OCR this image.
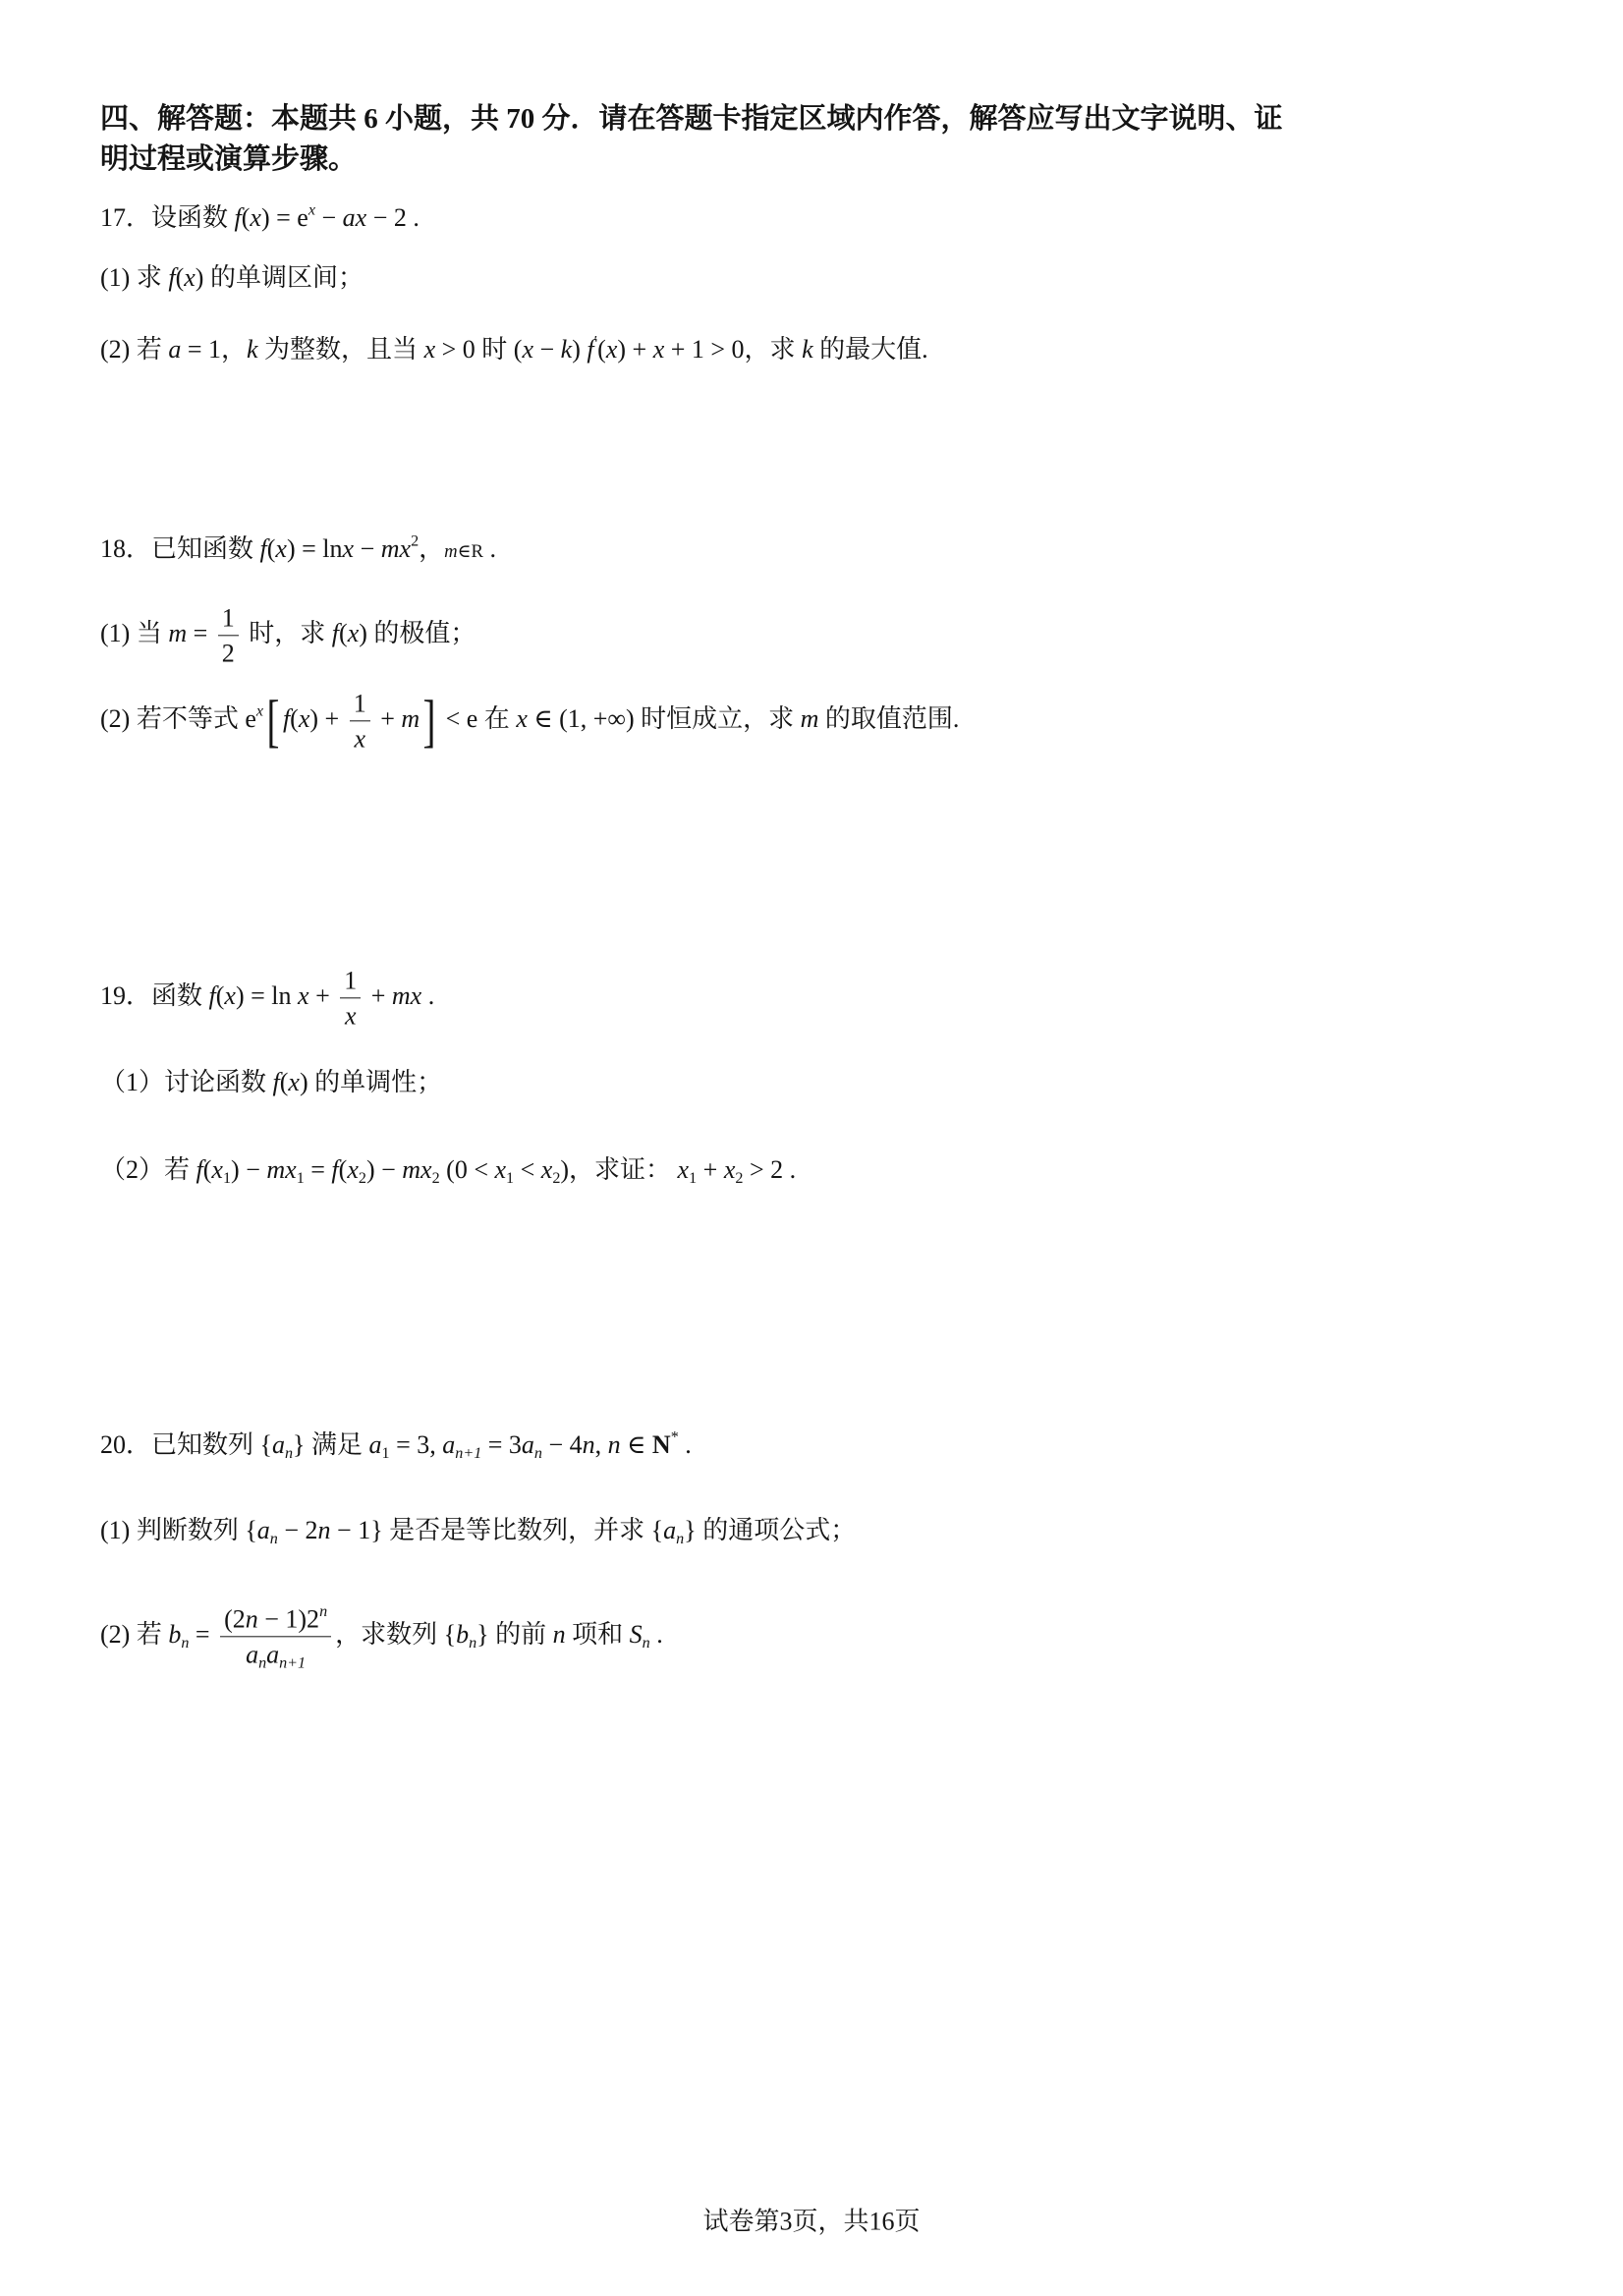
四、解答题：本题共 6 小题，共 70 分．请在答题卡指定区域内作答，解答应写出文字说明、证
明过程或演算步骤。
17．设函数 $f(x) = e^x$ − ax − 2 .
(1) 求 f(x) 的单调区间；
(2) 若 a = 1，k 为整数，且当 x > 0 时 (x − k) f′(x) + x + 1 > 0，求 k 的最大值.
18．已知函数 $f(x) = \ln x - mx^2$，m∈R .
(1) 当 $m = \frac{1}{2}$ 时，求 f(x) 的极值；
(2) 若不等式 $e^x$[ $f(x) + \frac{1}{x} + m] < e$ 在 x ∈ (1, +∞) 时恒成立，求 m 的取值范围.
19．函数 $f(x) = \ln x + \frac{1}{x}$ + mx .
（1）讨论函数 f(x) 的单调性；
（2）若 $f(x_1) - mx_1 = f(x_2) - mx_2$ $(0 < x_1 < x_2)$，求证： $x_1 + x_2 > 2$ .
20．已知数列 $\{a_n\}$ 满足 $a_1 = 3$, $a_{n+1} = 3a_n - 4n$, n ∈ N* .
(1) 判断数列 $\{a_n - 2n - 1\}$ 是否是等比数列，并求 $\{a_n\}$ 的通项公式；
(2) 若 $b_n$ =
$(2n - 1)2^n$
$a_na_{n+1}$
，求数列 $\{b_n\}$ 的前 n 项和 $S_n$ .
试卷第3页，共16页
